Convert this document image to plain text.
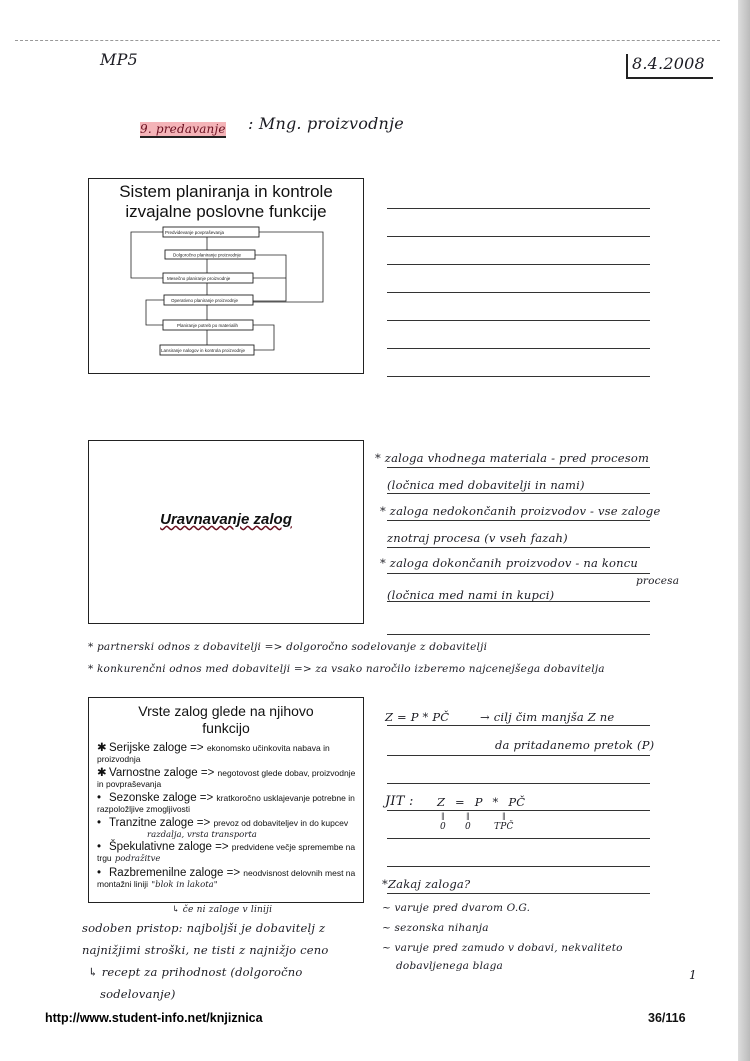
MP5	8.4.2008
9. predavanje : Mng. proizvodnje
Sistem planiranja in kontrole
izvajalne poslovne funkcije
Predvidevanje povpraševanja
Dolgoročno planiranje proizvodnje
Mesečno planiranje proizvodnje
Operativno planiranje proizvodnje
Planiranje potreb po materialih
Lansiranje nalogov in kontrola proizvodnje
Uravnavanje zalog
* zaloga vhodnega materiala - pred procesom
(ločnica med dobavitelji in nami)
* zaloga nedokončanih proizvodov - vse zaloge
znotraj procesa (v vseh fazah)
* zaloga dokončanih proizvodov - na koncu
procesa
(ločnica med nami in kupci)
* partnerski odnos z dobavitelji => dolgoročno sodelovanje z dobavitelji
* konkurenčni odnos med dobavitelji => za vsako naročilo izberemo najcenejšega dobavitelja
Vrste zalog glede na njihovo
funkcijo
✱ Serijske zaloge => ekonomsko učinkovita nabava in proizvodnja
✱ Varnostne zaloge => negotovost glede dobav, proizvodnje in povpraševanja
• Sezonske zaloge => kratkoročno usklajevanje potrebne in razpoložljive zmogljivosti
• Tranzitne zaloge => prevoz od dobaviteljev in do kupcev
razdalja, vrsta transporta
• Špekulativne zaloge => predvidene večje spremembe na trgu podražitve
• Razbremenilne zaloge => neodvisnost delovnih mest na montažni liniji "blok in lakota"
↳ če ni zaloge v liniji
sodoben pristop: najboljši je dobavitelj z
najnižjimi stroški, ne tisti z najnižjo ceno
↳ recept za prihodnost (dolgoročno
sodelovanje)
Z = P * PČ	→ cilj čim manjša Z ne
da pritadanemo pretok (P)
JIT : Z = P * PČ
‖	‖	‖
0 0	TPČ
*Zakaj zaloga?
~ varuje pred dvarom O.G.
~ sezonska nihanja
~ varuje pred zamudo v dobavi, nekvaliteto
dobavljenega blaga
1
http://www.student-info.net/knjiznica	36/116
